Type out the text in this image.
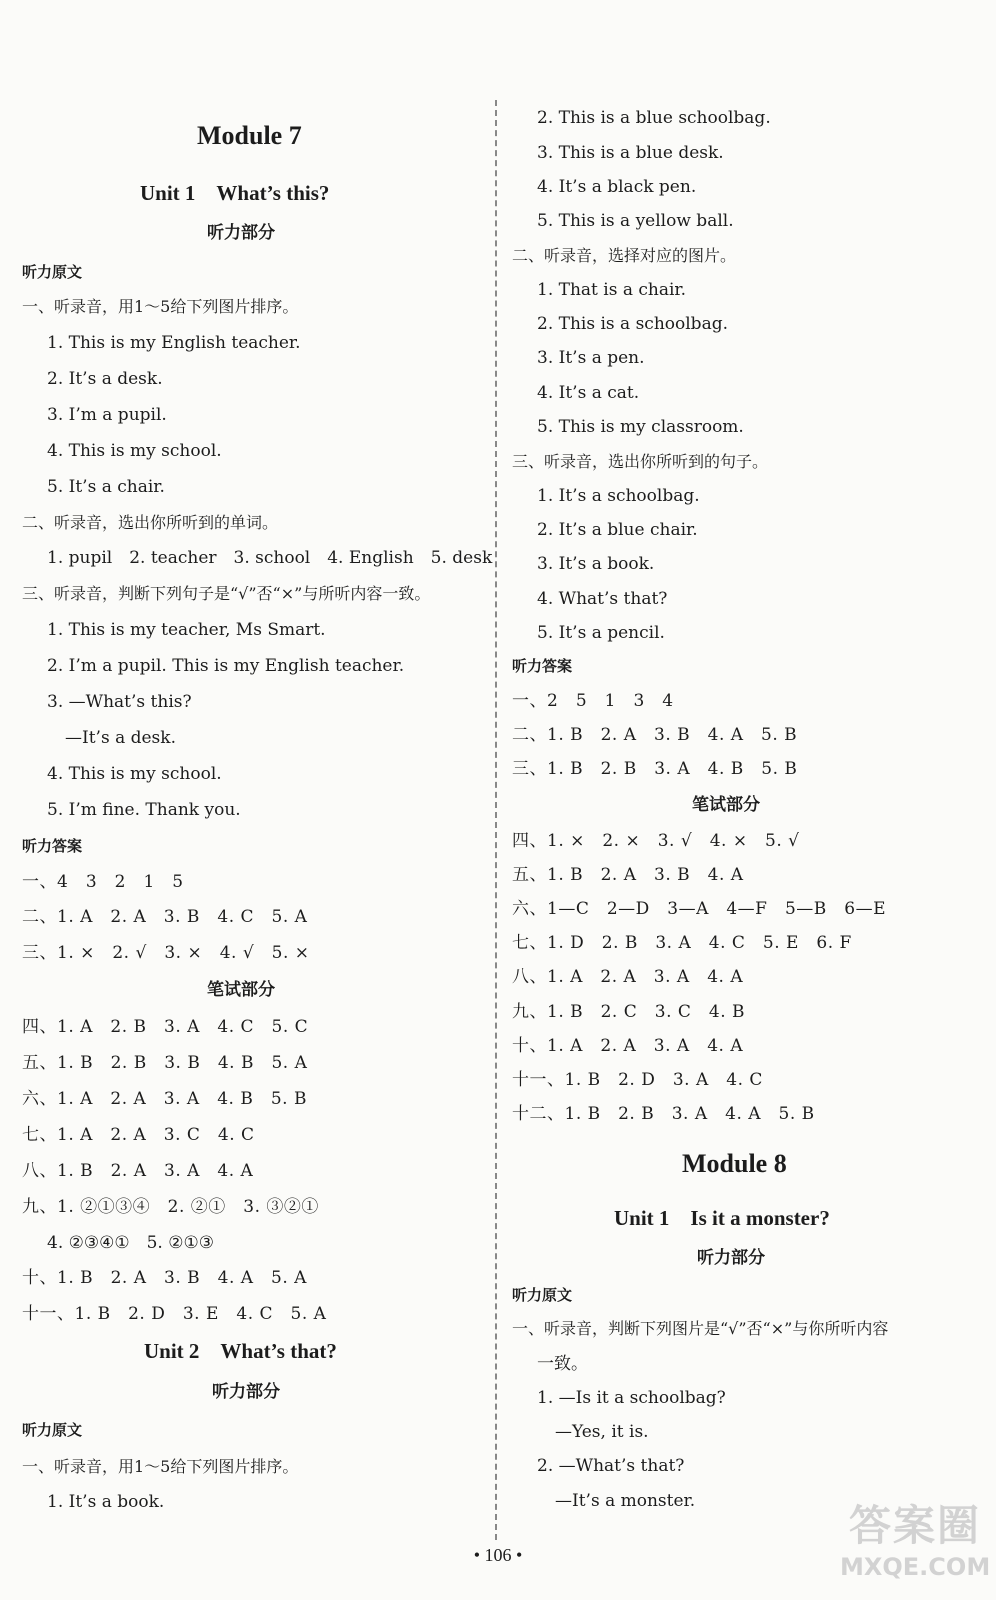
Module 7
Unit 1　What’s this?
听力部分
听力原文
一、听录音，用1～5给下列图片排序。
1. This is my English teacher.
2. It’s a desk.
3. I’m a pupil.
4. This is my school.
5. It’s a chair.
二、听录音，选出你所听到的单词。
1. pupil　2. teacher　3. school　4. English　5. desk
三、听录音，判断下列句子是“√”否“×”与所听内容一致。
1. This is my teacher, Ms Smart.
2. I’m a pupil. This is my English teacher.
3. —What’s this?
—It’s a desk.
4. This is my school.
5. I’m fine. Thank you.
听力答案
一、4　3　2　1　5
二、1. A　2. A　3. B　4. C　5. A
三、1. ×　2. √　3. ×　4. √　5. ×
笔试部分
四、1. A　2. B　3. A　4. C　5. C
五、1. B　2. B　3. B　4. B　5. A
六、1. A　2. A　3. A　4. B　5. B
七、1. A　2. A　3. C　4. C
八、1. B　2. A　3. A　4. A
九、1. ②①③④　2. ②①　3. ③②①
4. ②③④①　5. ②①③
十、1. B　2. A　3. B　4. A　5. A
十一、1. B　2. D　3. E　4. C　5. A
Unit 2　What’s that?
听力部分
听力原文
一、听录音，用1～5给下列图片排序。
1. It’s a book.
2. This is a blue schoolbag.
3. This is a blue desk.
4. It’s a black pen.
5. This is a yellow ball.
二、听录音，选择对应的图片。
1. That is a chair.
2. This is a schoolbag.
3. It’s a pen.
4. It’s a cat.
5. This is my classroom.
三、听录音，选出你所听到的句子。
1. It’s a schoolbag.
2. It’s a blue chair.
3. It’s a book.
4. What’s that?
5. It’s a pencil.
听力答案
一、2　5　1　3　4
二、1. B　2. A　3. B　4. A　5. B
三、1. B　2. B　3. A　4. B　5. B
笔试部分
四、1. ×　2. ×　3. √　4. ×　5. √
五、1. B　2. A　3. B　4. A
六、1—C　2—D　3—A　4—F　5—B　6—E
七、1. D　2. B　3. A　4. C　5. E　6. F
八、1. A　2. A　3. A　4. A
九、1. B　2. C　3. C　4. B
十、1. A　2. A　3. A　4. A
十一、1. B　2. D　3. A　4. C
十二、1. B　2. B　3. A　4. A　5. B
Module 8
Unit 1　Is it a monster?
听力部分
听力原文
一、听录音，判断下列图片是“√”否“×”与你所听内容
一致。
1. —Is it a schoolbag?
—Yes, it is.
2. —What’s that?
—It’s a monster.
• 106 •
答案圈
MXQE.COM
